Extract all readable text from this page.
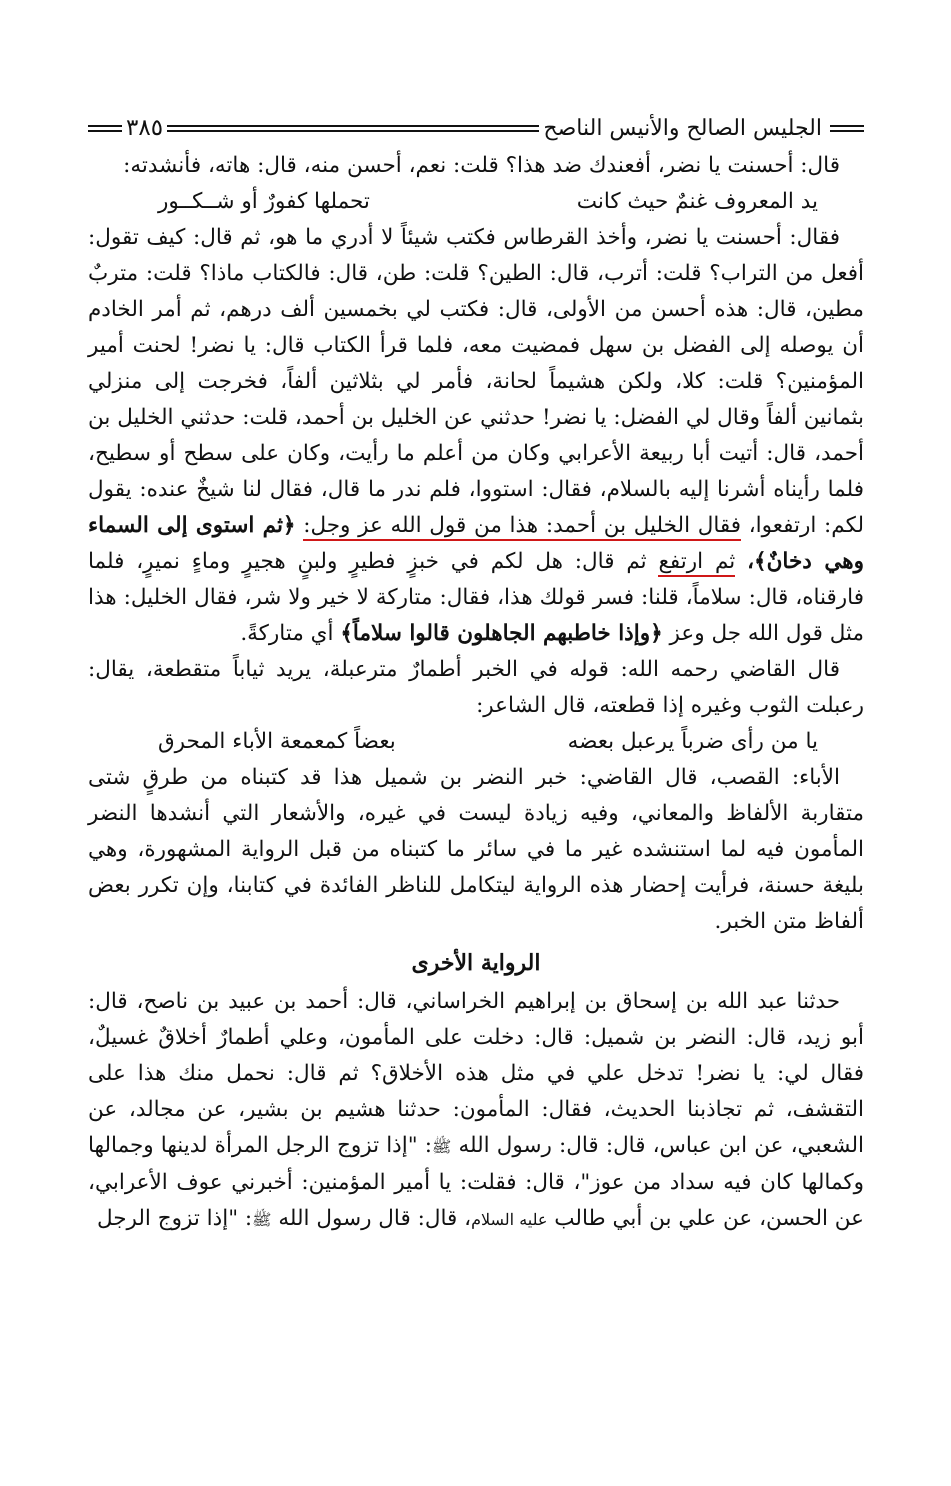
الجليس الصالح والأنيس الناصح
٣٨٥

قال: أحسنت يا نضر، أفعندك ضد هذا؟ قلت: نعم، أحسن منه، قال: هاته، فأنشدته:

يد المعروف غنمٌ حيث كانت
تحملها كفورٌ أو شــكــور

فقال: أحسنت يا نضر، وأخذ القرطاس فكتب شيئاً لا أدري ما هو، ثم قال: كيف تقول: أفعل من التراب؟ قلت: أترب، قال: الطين؟ قلت: طن، قال: فالكتاب ماذا؟ قلت: متربٌ مطين، قال: هذه أحسن من الأولى، قال: فكتب لي بخمسين ألف درهم، ثم أمر الخادم أن يوصله إلى الفضل بن سهل فمضيت معه، فلما قرأ الكتاب قال: يا نضر! لحنت أمير المؤمنين؟ قلت: كلا، ولكن هشيماً لحانة، فأمر لي بثلاثين ألفاً، فخرجت إلى منزلي بثمانين ألفاً وقال لي الفضل: يا نضر! حدثني عن الخليل بن أحمد، قلت: حدثني الخليل بن أحمد، قال: أتيت أبا ربيعة الأعرابي وكان من أعلم ما رأيت، وكان على سطح أو سطيح، فلما رأيناه أشرنا إليه بالسلام، فقال: استووا، فلم ندر ما قال، فقال لنا شيخٌ عنده: يقول لكم: ارتفعوا، فقال الخليل بن أحمد: هذا من قول الله عز وجل: ﴿ثم استوى إلى السماء وهي دخانٌ﴾، ثم ارتفع ثم قال: هل لكم في خبزٍ فطيرٍ ولبنٍ هجيرٍ وماءٍ نميرٍ، فلما فارقناه، قال: سلاماً، قلنا: فسر قولك هذا، فقال: متاركة لا خير ولا شر، فقال الخليل: هذا مثل قول الله جل وعز ﴿وإذا خاطبهم الجاهلون قالوا سلاماً﴾ أي متاركةً.

قال القاضي رحمه الله: قوله في الخبر أطمارٌ مترعبلة، يريد ثياباً متقطعة، يقال: رعبلت الثوب وغيره إذا قطعته، قال الشاعر:

يا من رأى ضرباً يرعبل بعضه
بعضاً كمعمعة الأباء المحرق

الأباء: القصب، قال القاضي: خبر النضر بن شميل هذا قد كتبناه من طرقٍ شتى متقاربة الألفاظ والمعاني، وفيه زيادة ليست في غيره، والأشعار التي أنشدها النضر المأمون فيه لما استنشده غير ما في سائر ما كتبناه من قبل الرواية المشهورة، وهي بليغة حسنة، فرأيت إحضار هذه الرواية ليتكامل للناظر الفائدة في كتابنا، وإن تكرر بعض ألفاظ متن الخبر.

الرواية الأخرى

حدثنا عبد الله بن إسحاق بن إبراهيم الخراساني، قال: أحمد بن عبيد بن ناصح، قال: أبو زيد، قال: النضر بن شميل: قال: دخلت على المأمون، وعلي أطمارٌ أخلاقٌ غسيلٌ، فقال لي: يا نضر! تدخل علي في مثل هذه الأخلاق؟ ثم قال: نحمل منك هذا على التقشف، ثم تجاذبنا الحديث، فقال: المأمون: حدثنا هشيم بن بشير، عن مجالد، عن الشعبي، عن ابن عباس، قال: قال: رسول الله ﷺ: "إذا تزوج الرجل المرأة لدينها وجمالها وكمالها كان فيه سداد من عوز"، قال: فقلت: يا أمير المؤمنين: أخبرني عوف الأعرابي، عن الحسن، عن علي بن أبي طالب عليه السلام، قال: قال رسول الله ﷺ: "إذا تزوج الرجل
